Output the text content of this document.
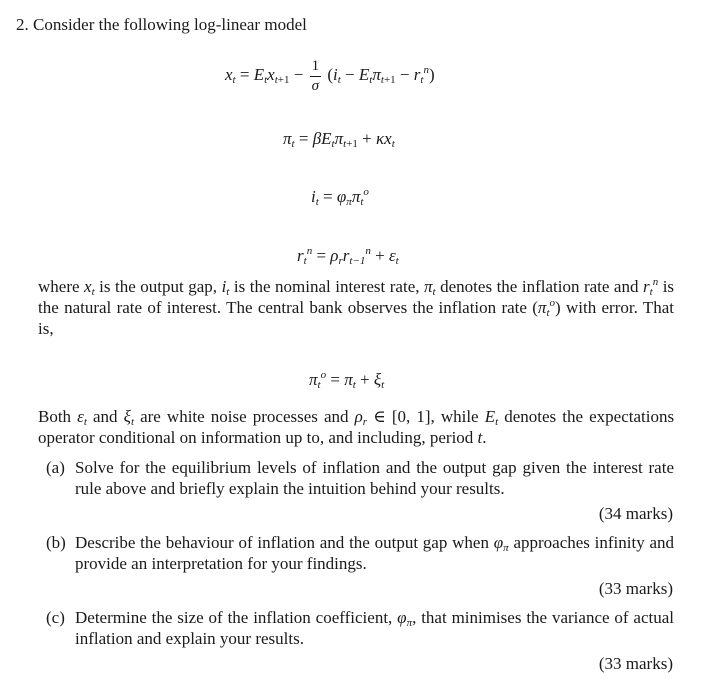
2. Consider the following log-linear model
$x_t = E_tx_{t+1} - \frac{1}{\sigma} (i_t - E_t\pi_{t+1} - r_t^n)$
$\pi_t = \beta E_t\pi_{t+1} + \kappa x_t$
$i_t = \varphi_\pi\pi_t^o$
$r_t^n = \rho_rr_{t-1}^n + \varepsilon_t$
where $x_t$ is the output gap, $i_t$ is the nominal interest rate, $\pi_t$ denotes the inflation rate and $r_t^n$ is the natural rate of interest. The central bank observes the inflation rate $(\pi_t^o)$ with error. That is,
$\pi_t^o = \pi_t + \xi_t$
Both $\varepsilon_t$ and $\xi_t$ are white noise processes and $\rho_r$ ∈ [0, 1], while $E_t$ denotes the expectations operator conditional on information up to, and including, period t.
(a) Solve for the equilibrium levels of inflation and the output gap given the interest rate rule above and briefly explain the intuition behind your results.
(34 marks)
(b) Describe the behaviour of inflation and the output gap when $\varphi_\pi$ approaches infinity and provide an interpretation for your findings.
(33 marks)
(c) Determine the size of the inflation coefficient, $\varphi_\pi$, that minimises the variance of actual inflation and explain your results.
(33 marks)
